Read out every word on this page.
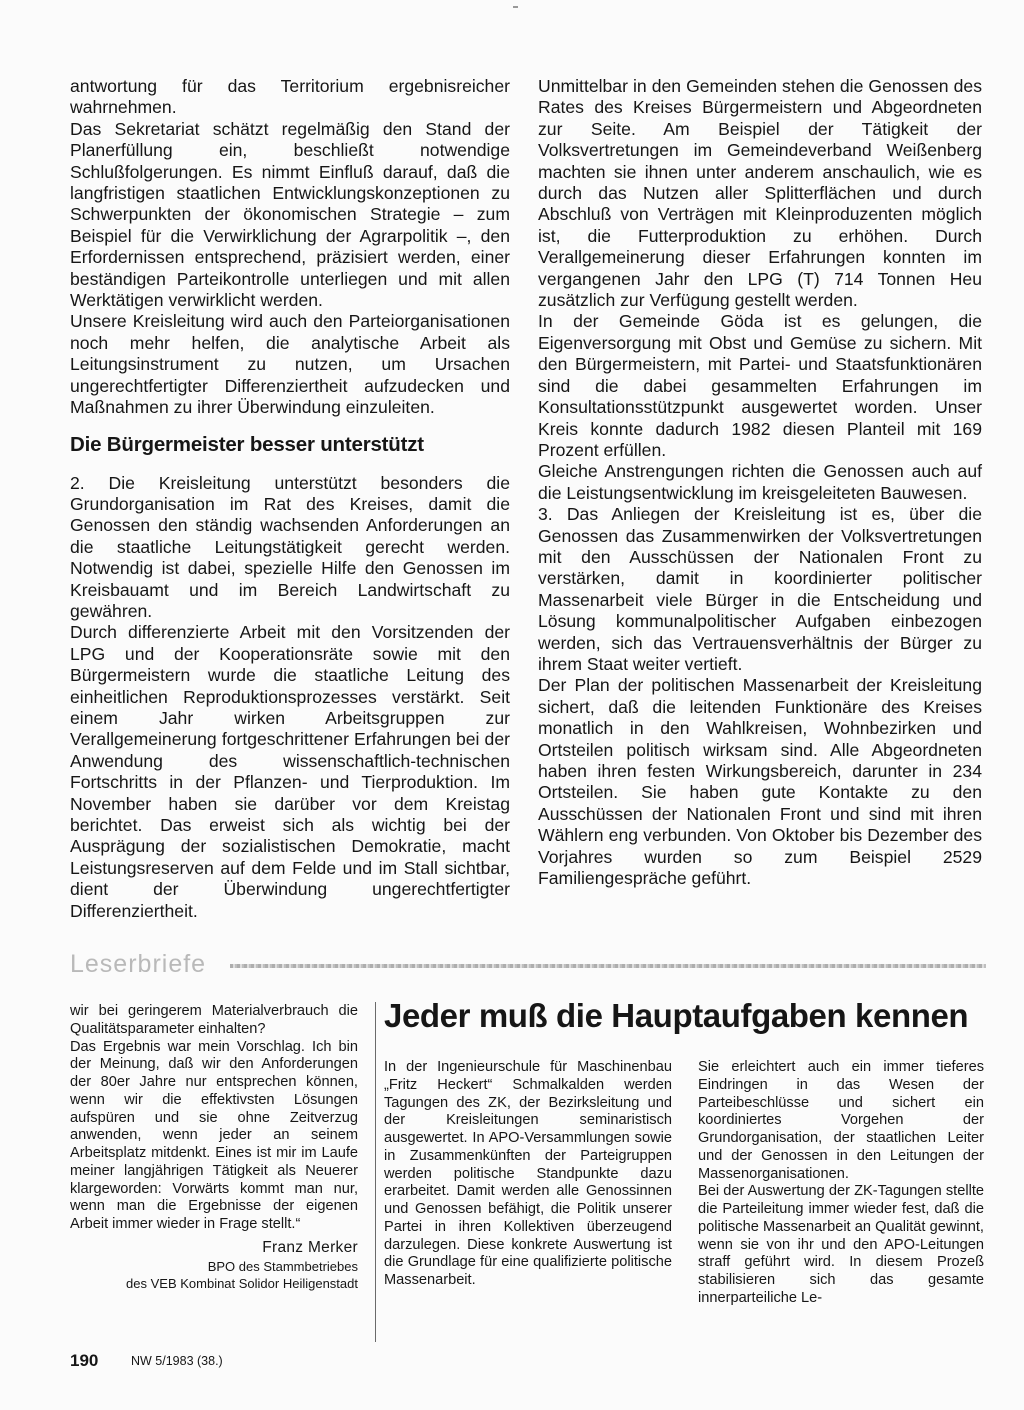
antwortung für das Territorium ergebnisreicher wahrnehmen.

Das Sekretariat schätzt regelmäßig den Stand der Planerfüllung ein, beschließt notwendige Schlußfolgerungen. Es nimmt Einfluß darauf, daß die langfristigen staatlichen Entwicklungskonzeptionen zu Schwerpunkten der ökonomischen Strategie – zum Beispiel für die Verwirklichung der Agrarpolitik –, den Erfordernissen entsprechend, präzisiert werden, einer beständigen Parteikontrolle unterliegen und mit allen Werktätigen verwirklicht werden.

Unsere Kreisleitung wird auch den Parteiorganisationen noch mehr helfen, die analytische Arbeit als Leitungsinstrument zu nutzen, um Ursachen ungerechtfertigter Differenziertheit aufzudecken und Maßnahmen zu ihrer Überwindung einzuleiten.

Die Bürgermeister besser unterstützt

2. Die Kreisleitung unterstützt besonders die Grundorganisation im Rat des Kreises, damit die Genossen den ständig wachsenden Anforderungen an die staatliche Leitungstätigkeit gerecht werden. Notwendig ist dabei, spezielle Hilfe den Genossen im Kreisbauamt und im Bereich Landwirtschaft zu gewähren.

Durch differenzierte Arbeit mit den Vorsitzenden der LPG und der Kooperationsräte sowie mit den Bürgermeistern wurde die staatliche Leitung des einheitlichen Reproduktionsprozesses verstärkt. Seit einem Jahr wirken Arbeitsgruppen zur Verallgemeinerung fortgeschrittener Erfahrungen bei der Anwendung des wissenschaftlich-technischen Fortschritts in der Pflanzen- und Tierproduktion. Im November haben sie darüber vor dem Kreistag berichtet. Das erweist sich als wichtig bei der Ausprägung der sozialistischen Demokratie, macht Leistungsreserven auf dem Felde und im Stall sichtbar, dient der Überwindung ungerechtfertigter Differenziertheit.

Unmittelbar in den Gemeinden stehen die Genossen des Rates des Kreises Bürgermeistern und Abgeordneten zur Seite. Am Beispiel der Tätigkeit der Volksvertretungen im Gemeindeverband Weißenberg machten sie ihnen unter anderem anschaulich, wie es durch das Nutzen aller Splitterflächen und durch Abschluß von Verträgen mit Kleinproduzenten möglich ist, die Futterproduktion zu erhöhen. Durch Verallgemeinerung dieser Erfahrungen konnten im vergangenen Jahr den LPG (T) 714 Tonnen Heu zusätzlich zur Verfügung gestellt werden.

In der Gemeinde Göda ist es gelungen, die Eigenversorgung mit Obst und Gemüse zu sichern. Mit den Bürgermeistern, mit Partei- und Staatsfunktionären sind die dabei gesammelten Erfahrungen im Konsultationsstützpunkt ausgewertet worden. Unser Kreis konnte dadurch 1982 diesen Planteil mit 169 Prozent erfüllen.

Gleiche Anstrengungen richten die Genossen auch auf die Leistungsentwicklung im kreisgeleiteten Bauwesen.

3. Das Anliegen der Kreisleitung ist es, über die Genossen das Zusammenwirken der Volksvertretungen mit den Ausschüssen der Nationalen Front zu verstärken, damit in koordinierter politischer Massenarbeit viele Bürger in die Entscheidung und Lösung kommunalpolitischer Aufgaben einbezogen werden, sich das Vertrauensverhältnis der Bürger zu ihrem Staat weiter vertieft.

Der Plan der politischen Massenarbeit der Kreisleitung sichert, daß die leitenden Funktionäre des Kreises monatlich in den Wahlkreisen, Wohnbezirken und Ortsteilen politisch wirksam sind. Alle Abgeordneten haben ihren festen Wirkungsbereich, darunter in 234 Ortsteilen. Sie haben gute Kontakte zu den Ausschüssen der Nationalen Front und sind mit ihren Wählern eng verbunden. Von Oktober bis Dezember des Vorjahres wurden so zum Beispiel 2529 Familiengespräche geführt.

Leserbriefe

wir bei geringerem Materialverbrauch die Qualitätsparameter einhalten?

Das Ergebnis war mein Vorschlag. Ich bin der Meinung, daß wir den Anforderungen der 80er Jahre nur entsprechen können, wenn wir die effektivsten Lösungen aufspüren und sie ohne Zeitverzug anwenden, wenn jeder an seinem Arbeitsplatz mitdenkt. Eines ist mir im Laufe meiner langjährigen Tätigkeit als Neuerer klargeworden: Vorwärts kommt man nur, wenn man die Ergebnisse der eigenen Arbeit immer wieder in Frage stellt.“

Franz Merker
BPO des Stammbetriebes
des VEB Kombinat Solidor Heiligenstadt
Jeder muß die Hauptaufgaben kennen

In der Ingenieurschule für Maschinenbau „Fritz Heckert“ Schmalkalden werden Tagungen des ZK, der Bezirksleitung und der Kreisleitungen seminaristisch ausgewertet. In APO-Versammlungen sowie in Zusammenkünften der Parteigruppen werden politische Standpunkte dazu erarbeitet. Damit werden alle Genossinnen und Genossen befähigt, die Politik unserer Partei in ihren Kollektiven überzeugend darzulegen. Diese konkrete Auswertung ist die Grundlage für eine qualifizierte politische Massenarbeit.

Sie erleichtert auch ein immer tieferes Eindringen in das Wesen der Parteibeschlüsse und sichert ein koordiniertes Vorgehen der Grundorganisation, der staatlichen Leiter und der Genossen in den Leitungen der Massenorganisationen.

Bei der Auswertung der ZK-Tagungen stellte die Parteileitung immer wieder fest, daß die politische Massenarbeit an Qualität gewinnt, wenn sie von ihr und den APO-Leitungen straff geführt wird. In diesem Prozeß stabilisieren sich das gesamte innerparteiliche Le-

190	NW 5/1983 (38.)
